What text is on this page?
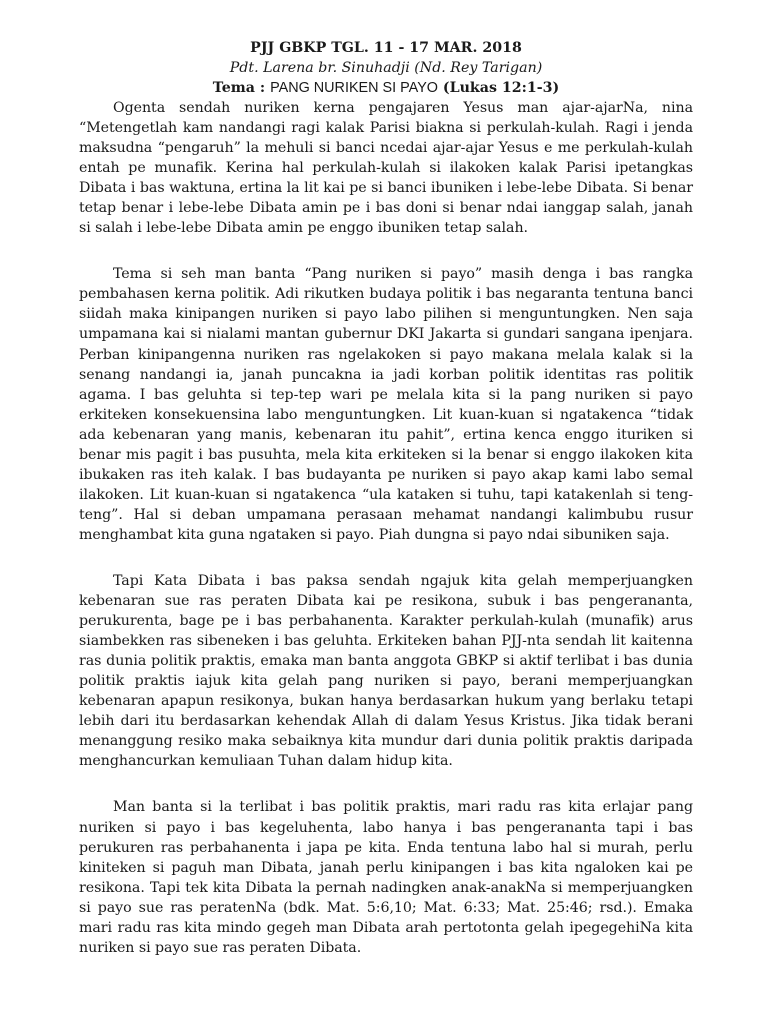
PJJ GBKP TGL. 11 - 17 MAR. 2018

Pdt. Larena br. Sinuhadji (Nd. Rey Tarigan)

Tema : PANG NURIKEN SI PAYO (Lukas 12:1-3)

Ogenta sendah nuriken kerna pengajaren Yesus man ajar-ajarNa, nina “Metengetlah kam nandangi ragi kalak Parisi biakna si perkulah-kulah. Ragi i jenda maksudna “pengaruh” la mehuli si banci ncedai ajar-ajar Yesus e me perkulah-kulah entah pe munafik. Kerina hal perkulah-kulah si ilakoken kalak Parisi ipetangkas Dibata i bas waktuna, ertina la lit kai pe si banci ibuniken i lebe-lebe Dibata. Si benar tetap benar i lebe-lebe Dibata amin pe i bas doni si benar ndai ianggap salah, janah si salah i lebe-lebe Dibata amin pe enggo ibuniken tetap salah.

Tema si seh man banta “Pang nuriken si payo” masih denga i bas rangka pembahasen kerna politik. Adi rikutken budaya politik i bas negaranta tentuna banci siidah maka kinipangen nuriken si payo labo pilihen si menguntungken. Nen saja umpamana kai si nialami mantan gubernur DKI Jakarta si gundari sangana ipenjara. Perban kinipangenna nuriken ras ngelakoken si payo makana melala kalak si la senang nandangi ia, janah puncakna ia jadi korban politik identitas ras politik agama. I bas geluhta si tep-tep wari pe melala kita si la pang nuriken si payo erkiteken konsekuensina labo menguntungken. Lit kuan-kuan si ngatakenca “tidak ada kebenaran yang manis, kebenaran itu pahit”, ertina kenca enggo ituriken si benar mis pagit i bas pusuhta, mela kita erkiteken si la benar si enggo ilakoken kita ibukaken ras iteh kalak. I bas budayanta pe nuriken si payo akap kami labo semal ilakoken. Lit kuan-kuan si ngatakenca “ula kataken si tuhu, tapi katakenlah si teng-teng”. Hal si deban umpamana perasaan mehamat nandangi kalimbubu rusur menghambat kita guna ngataken si payo. Piah dungna si payo ndai sibuniken saja.

Tapi Kata Dibata i bas paksa sendah ngajuk kita gelah memperjuangken kebenaran sue ras peraten Dibata kai pe resikona, subuk i bas pengerananta, perukurenta, bage pe i bas perbahanenta. Karakter perkulah-kulah (munafik) arus siambekken ras sibeneken i bas geluhta. Erkiteken bahan PJJ-nta sendah lit kaitenna ras dunia politik praktis, emaka man banta anggota GBKP si aktif terlibat i bas dunia politik praktis iajuk kita gelah pang nuriken si payo, berani memperjuangkan kebenaran apapun resikonya, bukan hanya berdasarkan hukum yang berlaku tetapi lebih dari itu berdasarkan kehendak Allah di dalam Yesus Kristus. Jika tidak berani menanggung resiko maka sebaiknya kita mundur dari dunia politik praktis daripada menghancurkan kemuliaan Tuhan dalam hidup kita.

Man banta si la terlibat i bas politik praktis, mari radu ras kita erlajar pang nuriken si payo i bas kegeluhenta, labo hanya i bas pengerananta tapi i bas perukuren ras perbahanenta i japa pe kita. Enda tentuna labo hal si murah, perlu kiniteken si paguh man Dibata, janah perlu kinipangen i bas kita ngaloken kai pe resikona. Tapi tek kita Dibata la pernah nadingken anak-anakNa si memperjuangken si payo sue ras peratenNa (bdk. Mat. 5:6,10; Mat. 6:33; Mat. 25:46; rsd.). Emaka mari radu ras kita mindo gegeh man Dibata arah pertotonta gelah ipegegehiNa kita nuriken si payo sue ras peraten Dibata.
